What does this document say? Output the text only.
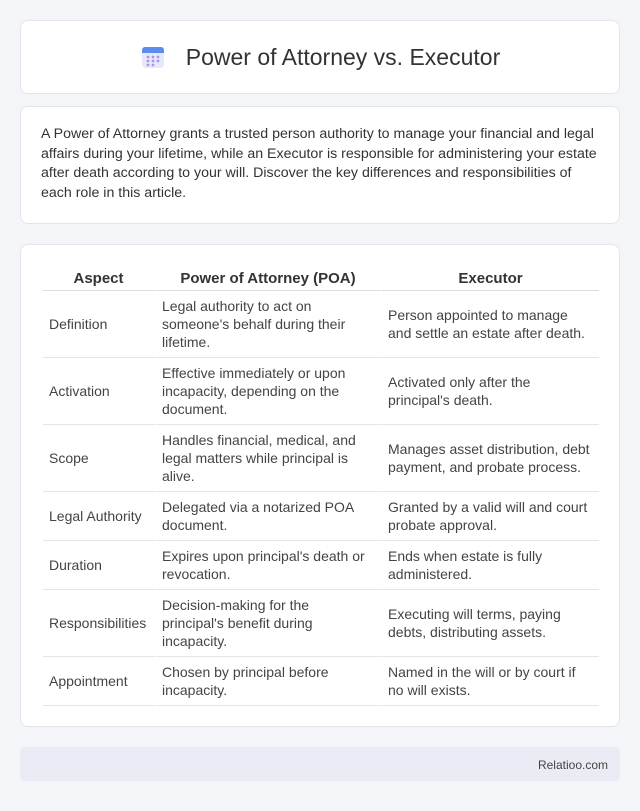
Power of Attorney vs. Executor

A Power of Attorney grants a trusted person authority to manage your financial and legal affairs during your lifetime, while an Executor is responsible for administering your estate after death according to your will. Discover the key differences and responsibilities of each role in this article.

Aspect	Power of Attorney (POA)	Executor
Definition	Legal authority to act on someone's behalf during their lifetime.	Person appointed to manage and settle an estate after death.
Activation	Effective immediately or upon incapacity, depending on the document.	Activated only after the principal's death.
Scope	Handles financial, medical, and legal matters while principal is alive.	Manages asset distribution, debt payment, and probate process.
Legal Authority	Delegated via a notarized POA document.	Granted by a valid will and court probate approval.
Duration	Expires upon principal's death or revocation.	Ends when estate is fully administered.
Responsibilities	Decision-making for the principal's benefit during incapacity.	Executing will terms, paying debts, distributing assets.
Appointment	Chosen by principal before incapacity.	Named in the will or by court if no will exists.
Relatioo.com
